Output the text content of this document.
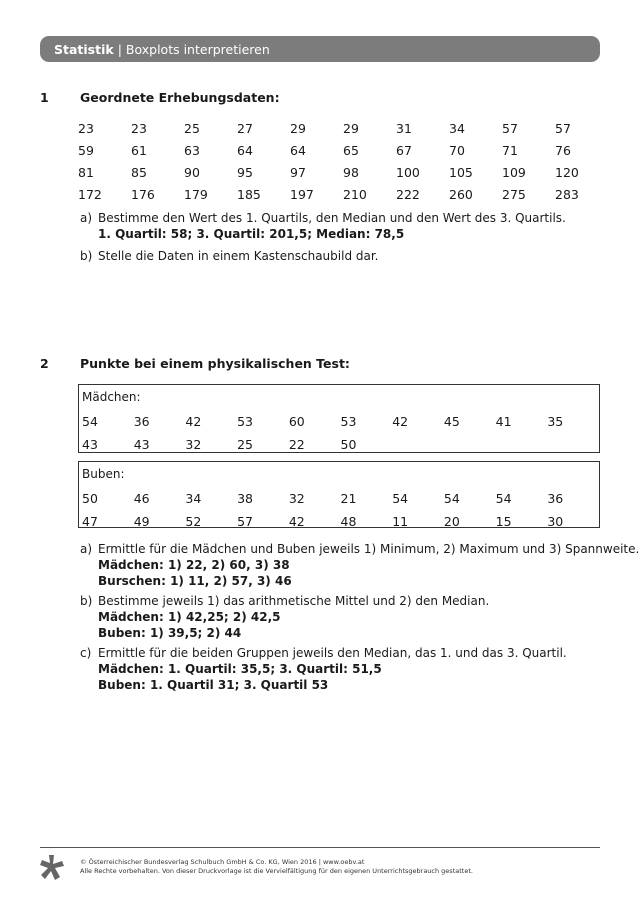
Statistik | Boxplots interpretieren
1	Geordnete Erhebungsdaten:
23	23	25	27	29	29	31	34	57	57
59	61	63	64	64	65	67	70	71	76
81	85	90	95	97	98	100	105	109	120
172	176	179	185	197	210	222	260	275	283
a) Bestimme den Wert des 1. Quartils, den Median und den Wert des 3. Quartils.
1. Quartil: 58; 3. Quartil: 201,5; Median: 78,5
b) Stelle die Daten in einem Kastenschaubild dar.
2	Punkte bei einem physikalischen Test:
Mädchen:
54	36	42	53	60	53	42	45	41	35
43	43	32	25	22	50
Buben:
50	46	34	38	32	21	54	54	54	36
47	49	52	57	42	48	11	20	15	30
a) Ermittle für die Mädchen und Buben jeweils 1) Minimum, 2) Maximum und 3) Spannweite.
Mädchen: 1) 22, 2) 60, 3) 38
Burschen: 1) 11, 2) 57, 3) 46
b) Bestimme jeweils 1) das arithmetische Mittel und 2) den Median.
Mädchen: 1) 42,25; 2) 42,5
Buben: 1) 39,5; 2) 44
c) Ermittle für die beiden Gruppen jeweils den Median, das 1. und das 3. Quartil.
Mädchen: 1. Quartil: 35,5; 3. Quartil: 51,5
Buben: 1. Quartil 31; 3. Quartil 53
© Österreichischer Bundesverlag Schulbuch GmbH & Co. KG, Wien 2016 | www.oebv.at
Alle Rechte vorbehalten. Von dieser Druckvorlage ist die Vervielfältigung für den eigenen Unterrichtsgebrauch gestattet.
